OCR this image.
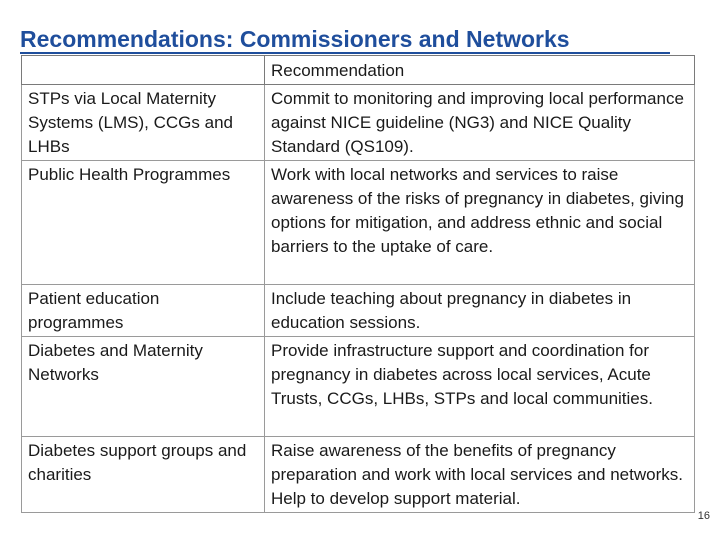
Recommendations: Commissioners and Networks
	Recommendation
STPs via Local Maternity Systems (LMS), CCGs and LHBs	Commit to monitoring and improving local performance against NICE guideline (NG3) and NICE Quality Standard (QS109).
Public Health Programmes	Work with local networks and services to raise awareness of the risks of pregnancy in diabetes, giving options for mitigation, and address ethnic and social barriers to the uptake of care.
Patient education programmes	Include teaching about pregnancy in diabetes in education sessions.
Diabetes and Maternity Networks	Provide infrastructure support and coordination for pregnancy in diabetes across local services, Acute Trusts, CCGs, LHBs, STPs and local communities.
Diabetes support groups and charities	Raise awareness of the benefits of pregnancy preparation and work with local services and networks. Help to develop support material.
16
